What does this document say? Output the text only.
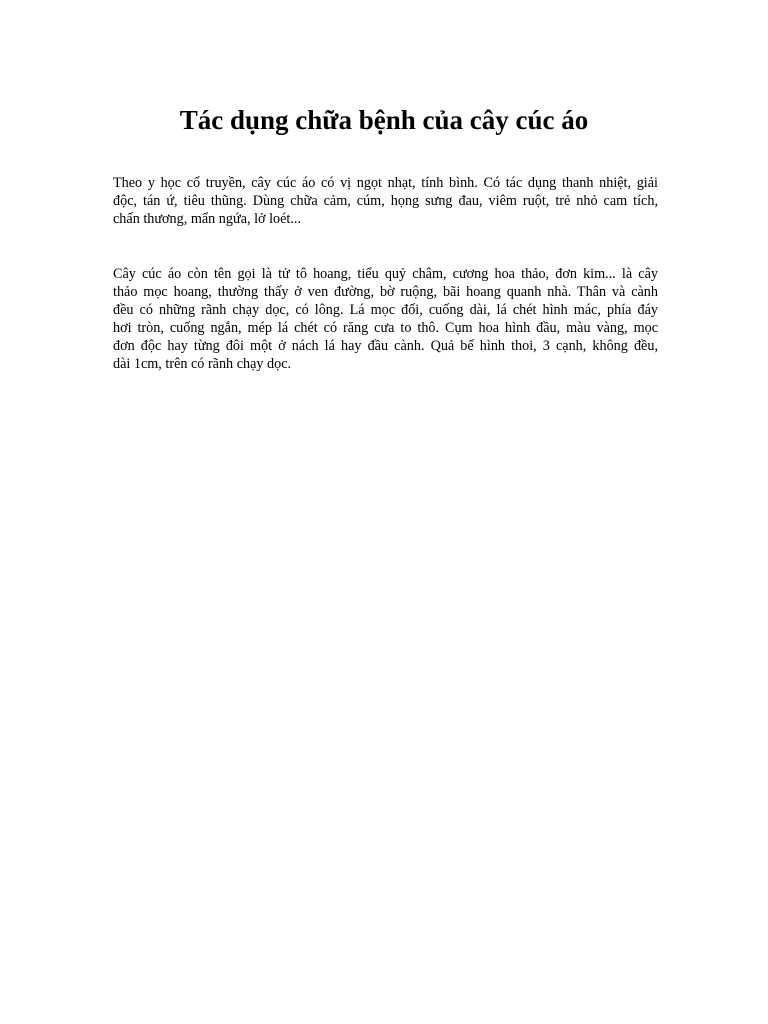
Tác dụng chữa bệnh của cây cúc áo
Theo y học cổ truyền, cây cúc áo có vị ngọt nhạt, tính bình. Có tác dụng thanh nhiệt, giải
độc, tán ứ, tiêu thũng. Dùng chữa cảm, cúm, họng sưng đau, viêm ruột, trẻ nhỏ cam tích,
chấn thương, mẩn ngứa, lở loét...
Cây cúc áo còn tên gọi là tử tô hoang, tiểu quỷ châm, cương hoa thảo, đơn kim... là cây
thảo mọc hoang, thường thấy ở ven đường, bờ ruộng, bãi hoang quanh nhà. Thân và cành
đều có những rãnh chạy dọc, có lông. Lá mọc đối, cuống dài, lá chét hình mác, phía đáy
hơi tròn, cuống ngắn, mép lá chét có răng cưa to thô. Cụm hoa hình đầu, màu vàng, mọc
đơn độc hay từng đôi một ở nách lá hay đầu cành. Quả bế hình thoi, 3 cạnh, không đều,
dài 1cm, trên có rãnh chạy dọc.
